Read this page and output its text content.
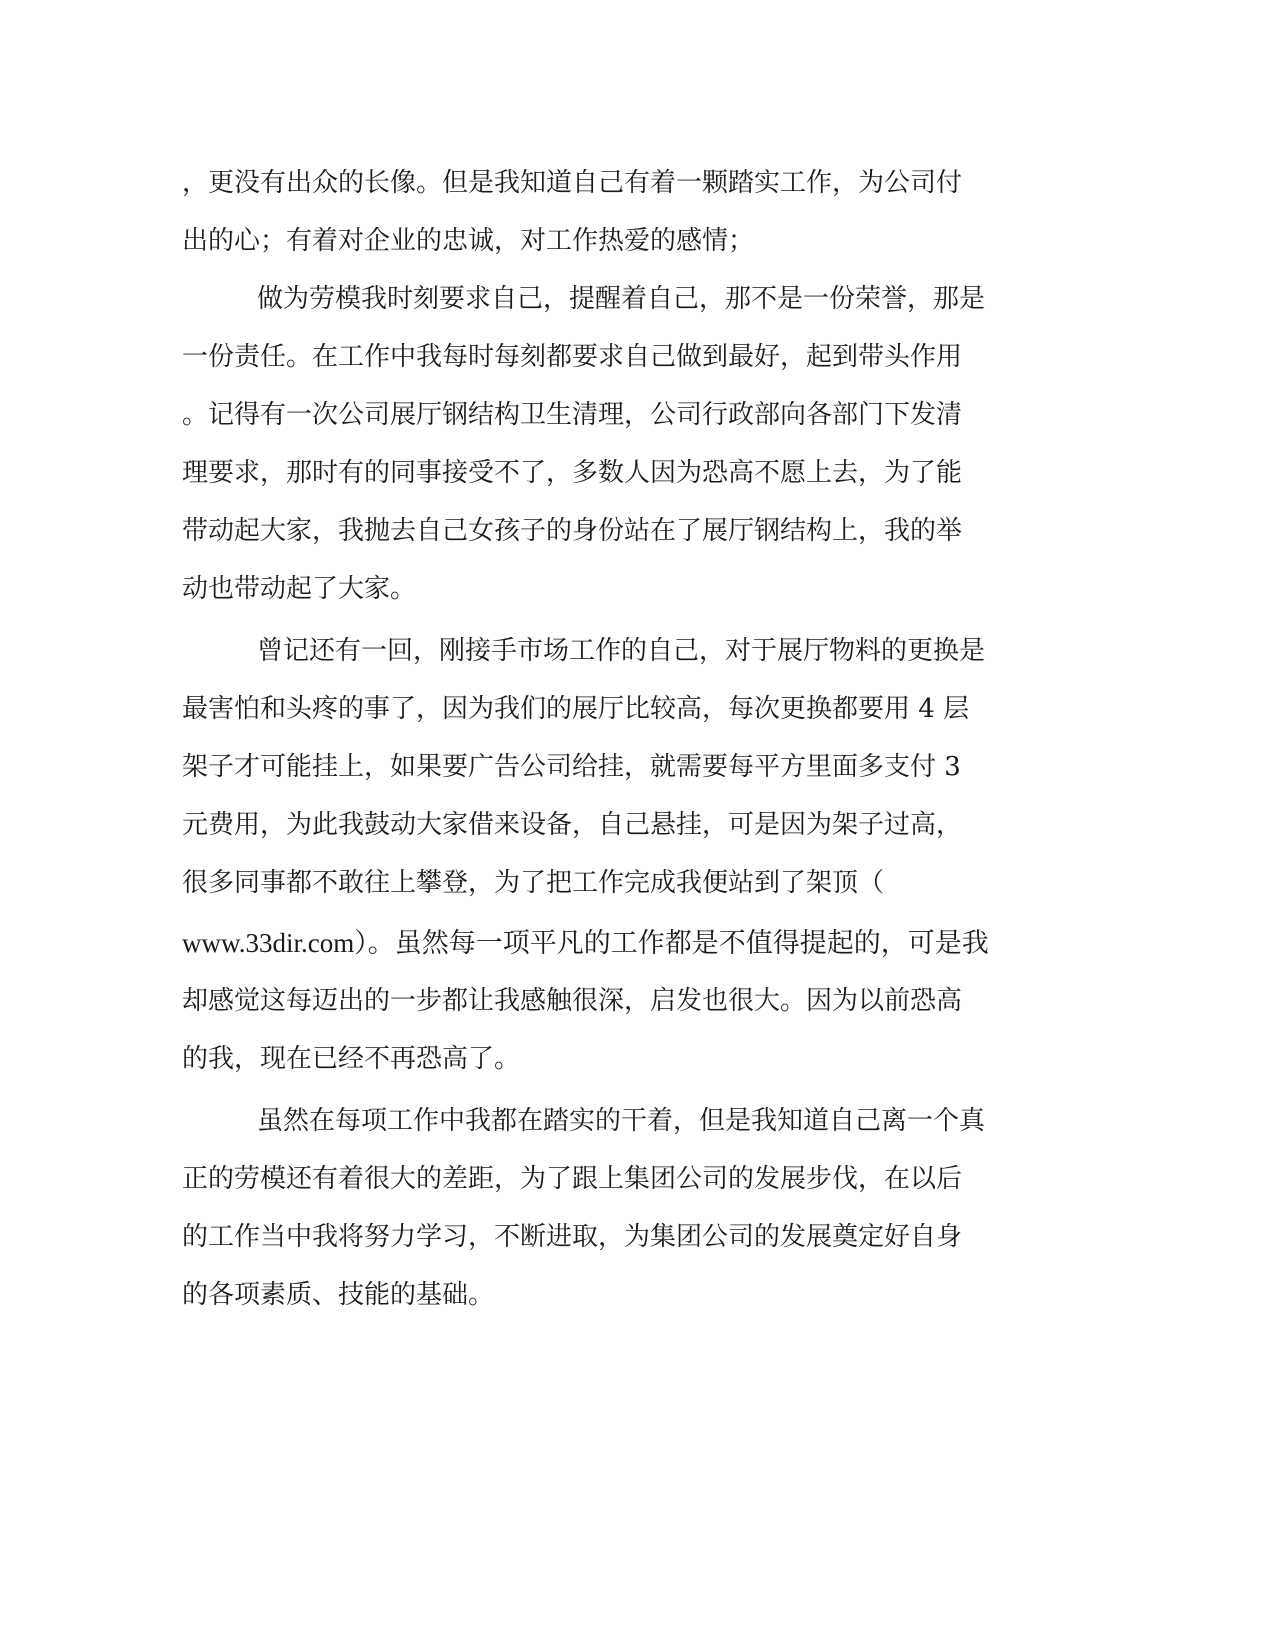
，更没有出众的长像。但是我知道自己有着一颗踏实工作，为公司付
出的心；有着对企业的忠诚，对工作热爱的感情；
做为劳模我时刻要求自己，提醒着自己，那不是一份荣誉，那是
一份责任。在工作中我每时每刻都要求自己做到最好，起到带头作用
。记得有一次公司展厅钢结构卫生清理，公司行政部向各部门下发清
理要求，那时有的同事接受不了，多数人因为恐高不愿上去，为了能
带动起大家，我抛去自己女孩子的身份站在了展厅钢结构上，我的举
动也带动起了大家。
曾记还有一回，刚接手市场工作的自己，对于展厅物料的更换是
最害怕和头疼的事了，因为我们的展厅比较高，每次更换都要用 4 层
架子才可能挂上，如果要广告公司给挂，就需要每平方里面多支付 3
元费用，为此我鼓动大家借来设备，自己悬挂，可是因为架子过高，
很多同事都不敢往上攀登，为了把工作完成我便站到了架顶（
www.33dir.com）。虽然每一项平凡的工作都是不值得提起的，可是我
却感觉这每迈出的一步都让我感触很深，启发也很大。因为以前恐高
的我，现在已经不再恐高了。
虽然在每项工作中我都在踏实的干着，但是我知道自己离一个真
正的劳模还有着很大的差距，为了跟上集团公司的发展步伐，在以后
的工作当中我将努力学习，不断进取，为集团公司的发展奠定好自身
的各项素质、技能的基础。
